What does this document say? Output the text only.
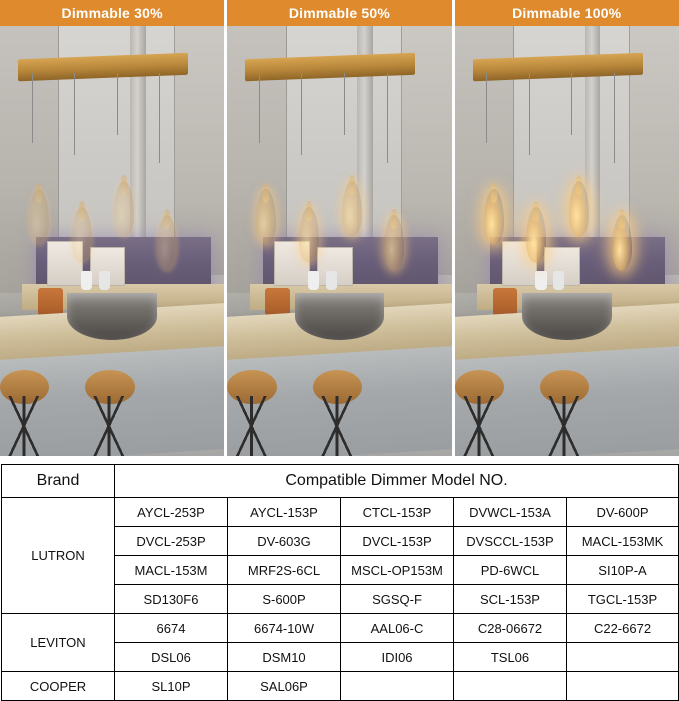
Dimmable 30%	Dimmable 50%	Dimmable 100%
Brand	Compatible Dimmer Model NO.				
LUTRON	AYCL-253P	AYCL-153P	CTCL-153P	DVWCL-153A	DV-600P
	DVCL-253P	DV-603G	DVCL-153P	DVSCCL-153P	MACL-153MK
	MACL-153M	MRF2S-6CL	MSCL-OP153M	PD-6WCL	SI10P-A
	SD130F6	S-600P	SGSQ-F	SCL-153P	TGCL-153P
LEVITON	6674	6674-10W	AAL06-C	C28-06672	C22-6672
	DSL06	DSM10	IDI06	TSL06	
COOPER	SL10P	SAL06P			
